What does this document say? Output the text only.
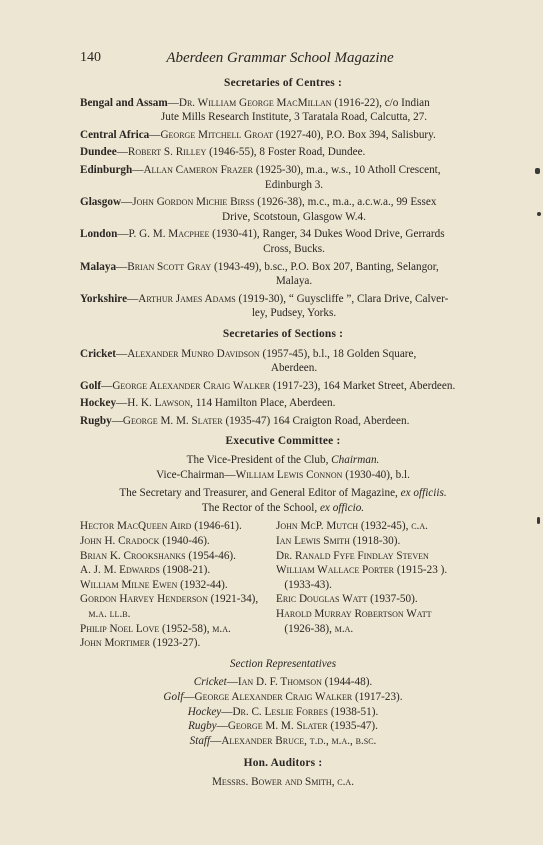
140	Aberdeen Grammar School Magazine

Secretaries of Centres :

Bengal and Assam—Dr. William George MacMillan (1916-22), c/o Indian
Jute Mills Research Institute, 3 Taratala Road, Calcutta, 27.

Central Africa—George Mitchell Groat (1927-40), P.O. Box 394, Salisbury.

Dundee—Robert S. Rilley (1946-55), 8 Foster Road, Dundee.

Edinburgh—Allan Cameron Frazer (1925-30), m.a., w.s., 10 Atholl Crescent,
Edinburgh 3.

Glasgow—John Gordon Michie Birss (1926-38), m.c., m.a., a.c.w.a., 99 Essex
Drive, Scotstoun, Glasgow W.4.

London—P. G. M. Macphee (1930-41), Ranger, 34 Dukes Wood Drive, Gerrards
Cross, Bucks.

Malaya—Brian Scott Gray (1943-49), b.sc., P.O. Box 207, Banting, Selangor,
Malaya.

Yorkshire—Arthur James Adams (1919-30), “ Guyscliffe ”, Clara Drive, Calver-
ley, Pudsey, Yorks.

Secretaries of Sections :

Cricket—Alexander Munro Davidson (1957-45), b.l., 18 Golden Square,
Aberdeen.

Golf—George Alexander Craig Walker (1917-23), 164 Market Street, Aberdeen.

Hockey—H. K. Lawson, 114 Hamilton Place, Aberdeen.

Rugby—George M. M. Slater (1935-47) 164 Craigton Road, Aberdeen.

Executive Committee :

The Vice-President of the Club, Chairman.

Vice-Chairman—William Lewis Connon (1930-40), b.l.

The Secretary and Treasurer, and General Editor of Magazine, ex officiis.

The Rector of the School, ex officio.

Hector MacQueen Aird (1946-61).	John McP. Mutch (1932-45), c.a.
John H. Cradock (1940-46).	Ian Lewis Smith (1918-30).
Brian K. Crookshanks (1954-46).	Dr. Ranald Fyfe Findlay Steven
A. J. M. Edwards (1908-21).	William Wallace Porter (1915-23 ).
William Milne Ewen (1932-44).	(1933-43).
Gordon Harvey Henderson (1921-34),	Eric Douglas Watt (1937-50).
m.a. ll.b.	Harold Murray Robertson Watt
Philip Noel Love (1952-58), m.a.	(1926-38), m.a.
John Mortimer (1923-27).

Section Representatives

Cricket—Ian D. F. Thomson (1944-48).

Golf—George Alexander Craig Walker (1917-23).

Hockey—Dr. C. Leslie Forbes (1938-51).

Rugby—George M. M. Slater (1935-47).

Staff—Alexander Bruce, t.d., m.a., b.sc.

Hon. Auditors :

Messrs. Bower and Smith, c.a.
